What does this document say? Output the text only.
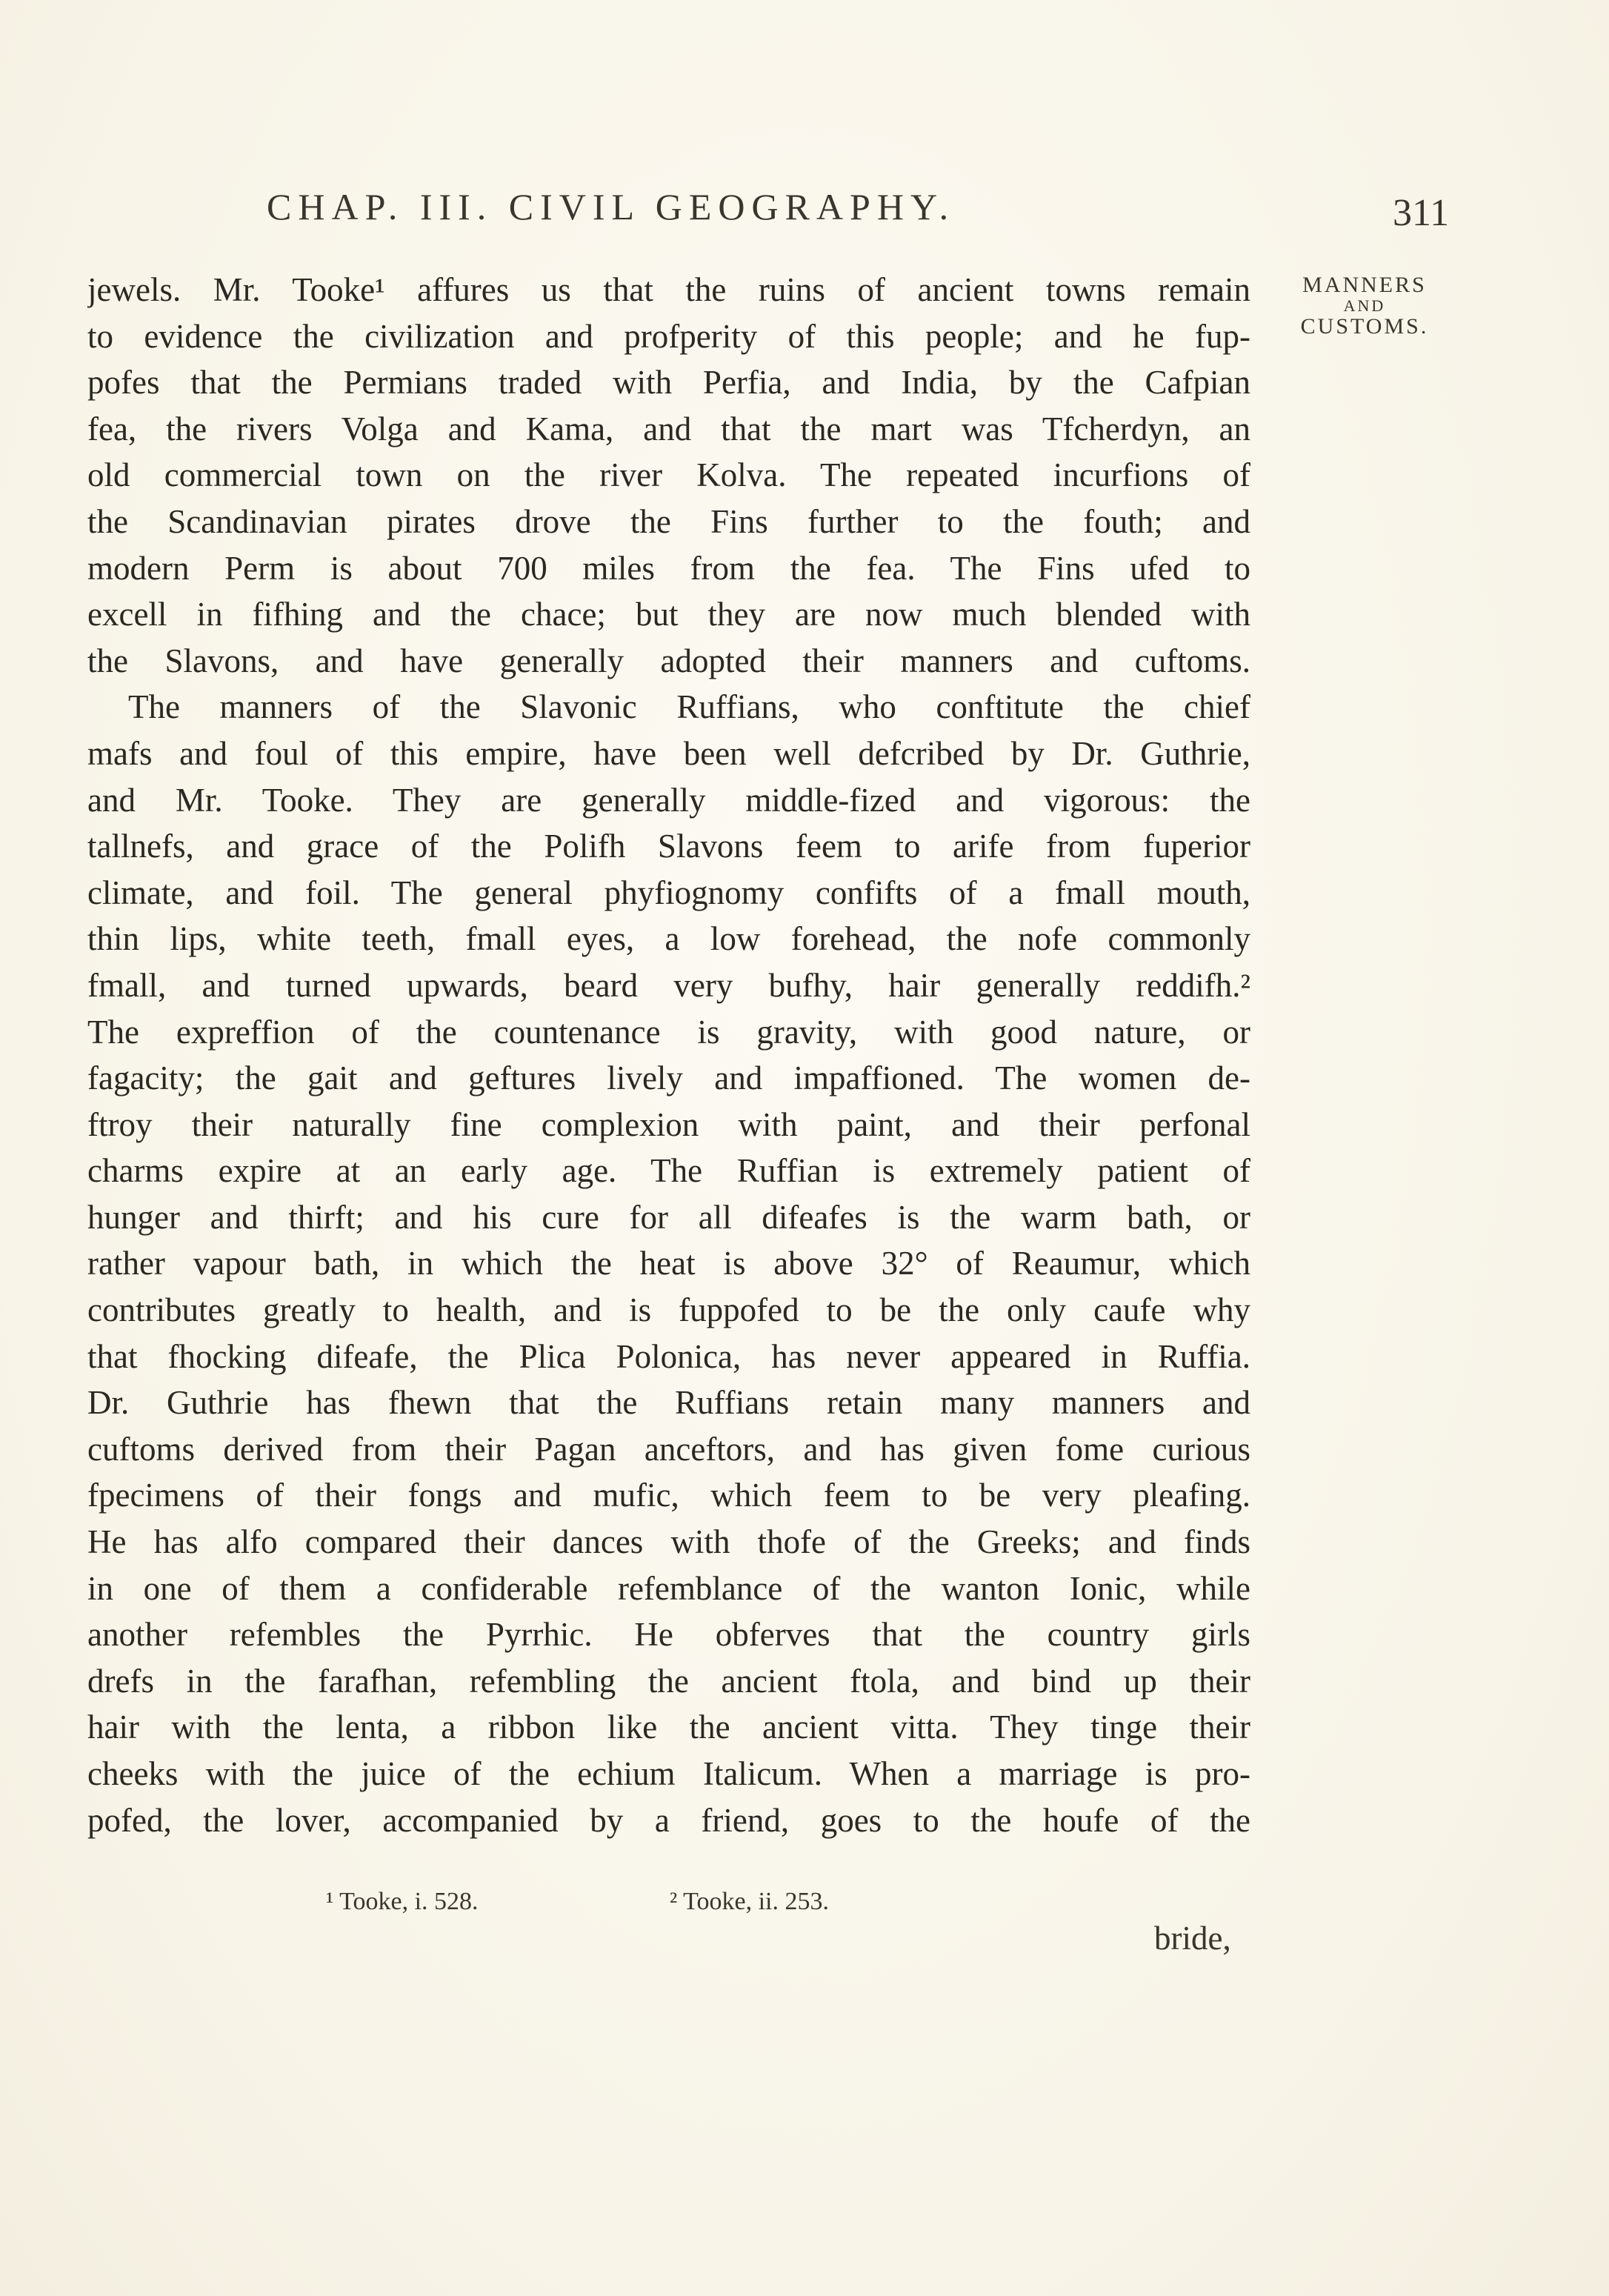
CHAP. III. CIVIL GEOGRAPHY.	311
MANNERS
AND
CUSTOMS.
jewels. Mr. Tooke¹ affures us that the ruins of ancient towns remain
to evidence the civilization and profperity of this people; and he fup-
pofes that the Permians traded with Perfia, and India, by the Cafpian
fea, the rivers Volga and Kama, and that the mart was Tfcherdyn, an
old commercial town on the river Kolva. The repeated incurfions of
the Scandinavian pirates drove the Fins further to the fouth; and
modern Perm is about 700 miles from the fea. The Fins ufed to
excell in fifhing and the chace; but they are now much blended with
the Slavons, and have generally adopted their manners and cuftoms.
The manners of the Slavonic Ruffians, who conftitute the chief
mafs and foul of this empire, have been well defcribed by Dr. Guthrie,
and Mr. Tooke. They are generally middle-fized and vigorous: the
tallnefs, and grace of the Polifh Slavons feem to arife from fuperior
climate, and foil. The general phyfiognomy confifts of a fmall mouth,
thin lips, white teeth, fmall eyes, a low forehead, the nofe commonly
fmall, and turned upwards, beard very bufhy, hair generally reddifh.²
The expreffion of the countenance is gravity, with good nature, or
fagacity; the gait and geftures lively and impaffioned. The women de-
ftroy their naturally fine complexion with paint, and their perfonal
charms expire at an early age. The Ruffian is extremely patient of
hunger and thirft; and his cure for all difeafes is the warm bath, or
rather vapour bath, in which the heat is above 32° of Reaumur, which
contributes greatly to health, and is fuppofed to be the only caufe why
that fhocking difeafe, the Plica Polonica, has never appeared in Ruffia.
Dr. Guthrie has fhewn that the Ruffians retain many manners and
cuftoms derived from their Pagan anceftors, and has given fome curious
fpecimens of their fongs and mufic, which feem to be very pleafing.
He has alfo compared their dances with thofe of the Greeks; and finds
in one of them a confiderable refemblance of the wanton Ionic, while
another refembles the Pyrrhic. He obferves that the country girls
drefs in the farafhan, refembling the ancient ftola, and bind up their
hair with the lenta, a ribbon like the ancient vitta. They tinge their
cheeks with the juice of the echium Italicum. When a marriage is pro-
pofed, the lover, accompanied by a friend, goes to the houfe of the
¹ Tooke, i. 528.	² Tooke, ii. 253.
bride,
